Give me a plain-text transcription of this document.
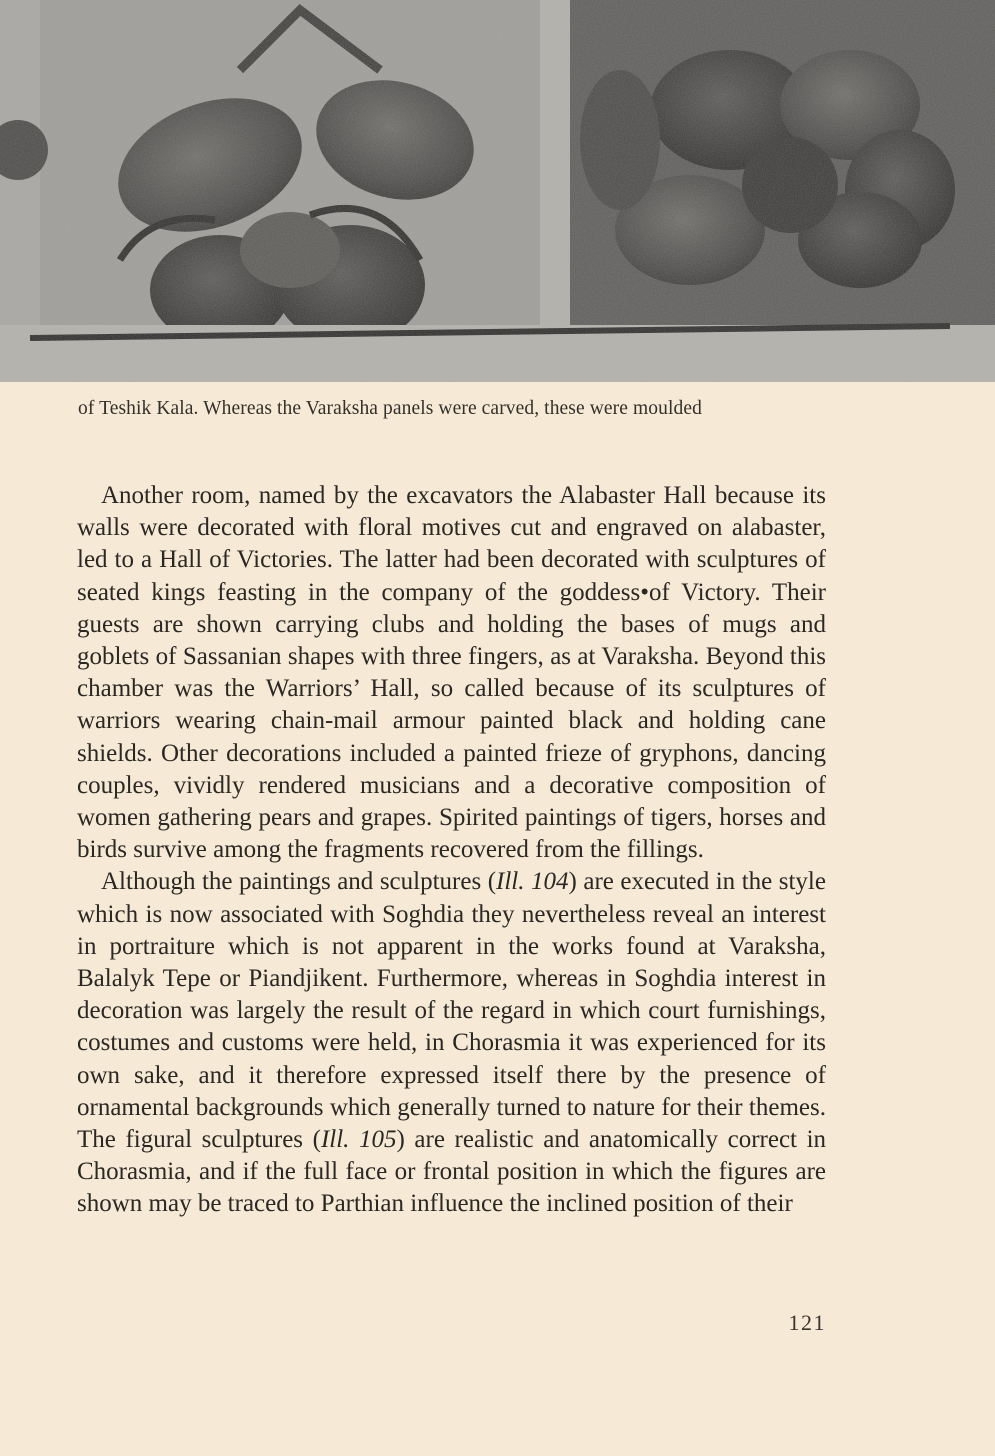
of Teshik Kala. Whereas the Varaksha panels were carved, these were moulded

Another room, named by the excavators the Alabaster Hall because its walls were decorated with floral motives cut and engraved on alabaster, led to a Hall of Victories. The latter had been decorated with sculptures of seated kings feasting in the company of the goddess•of Victory. Their guests are shown carrying clubs and holding the bases of mugs and goblets of Sassanian shapes with three fingers, as at Varaksha. Beyond this chamber was the Warriors’ Hall, so called because of its sculptures of warriors wearing chain-mail armour painted black and holding cane shields. Other decorations included a painted frieze of gryphons, dancing couples, vividly rendered musicians and a decorative composition of women gathering pears and grapes. Spirited paintings of tigers, horses and birds survive among the fragments recovered from the fillings.

Although the paintings and sculptures (Ill. 104) are executed in the style which is now associated with Soghdia they nevertheless reveal an interest in portraiture which is not apparent in the works found at Varaksha, Balalyk Tepe or Piandjikent. Furthermore, whereas in Soghdia interest in decoration was largely the result of the regard in which court furnishings, costumes and customs were held, in Chorasmia it was experienced for its own sake, and it therefore expressed itself there by the presence of ornamental backgrounds which generally turned to nature for their themes. The figural sculptures (Ill. 105) are realistic and anatomically correct in Chorasmia, and if the full face or frontal position in which the figures are shown may be traced to Parthian influence the inclined position of their

121
